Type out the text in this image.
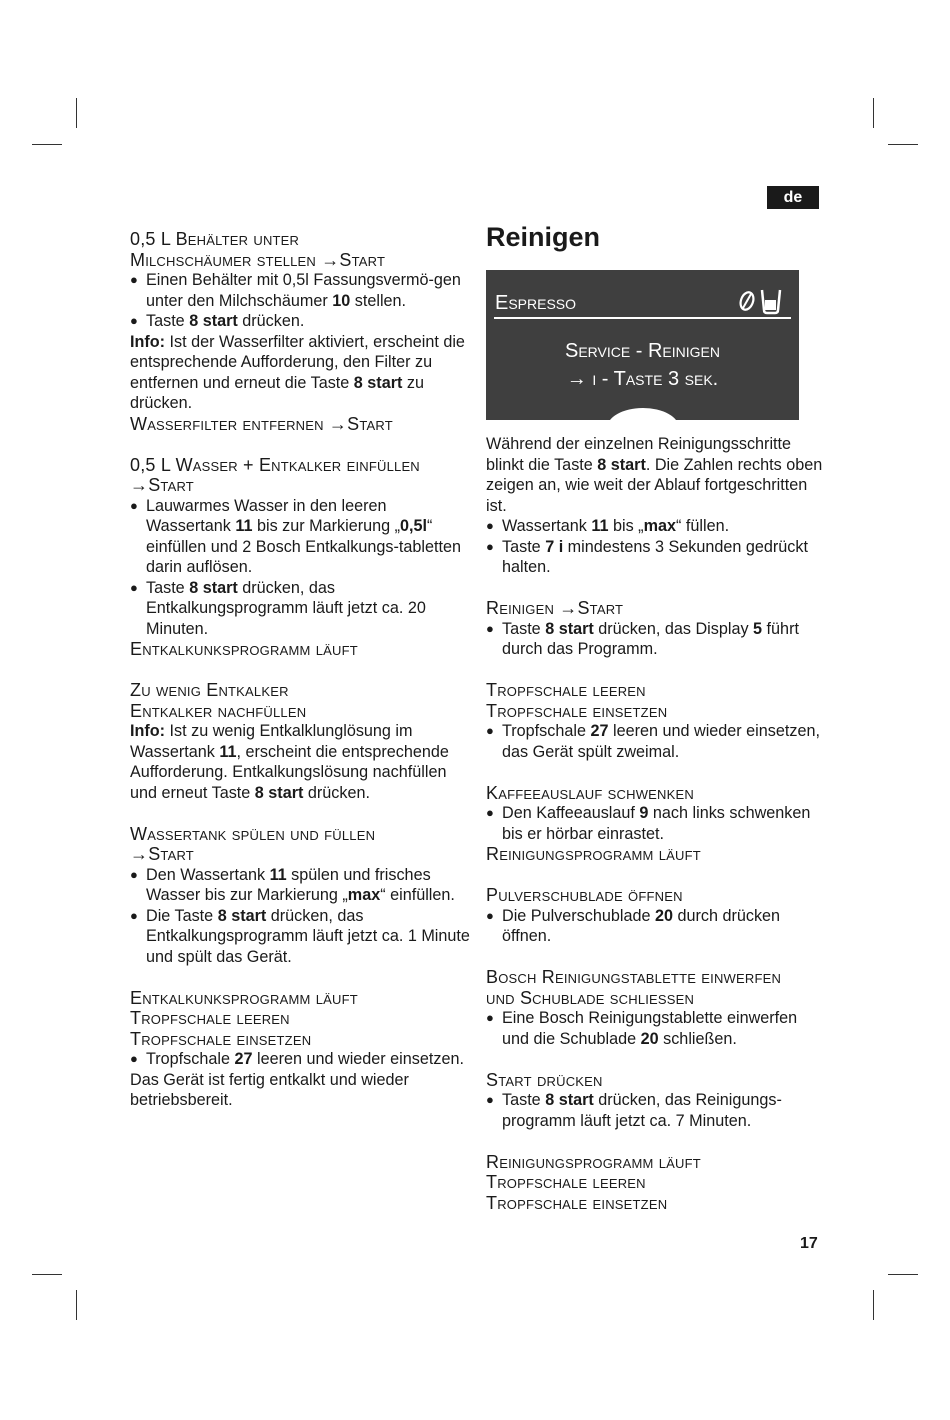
de
0,5 L Behälter unter
Milchschäumer stellen →Start
● Einen Behälter mit 0,5l Fassungsvermö-gen unter den Milchschäumer 10 stellen.
● Taste 8 start drücken.

Info: Ist der Wasserfilter aktiviert, erscheint die entsprechende Aufforderung, den Filter zu entfernen und erneut die Taste 8 start zu drücken.

Wasserfilter entfernen →Start
0,5 L Wasser + Entkalker einfüllen
→Start
● Lauwarmes Wasser in den leeren Wassertank 11 bis zur Markierung „0,5l“ einfüllen und 2 Bosch Entkalkungs-tabletten darin auflösen.
● Taste 8 start drücken, das Entkalkungsprogramm läuft jetzt ca. 20 Minuten.
Entkalkunksprogramm läuft
Zu wenig Entkalker
Entkalker nachfüllen

Info: Ist zu wenig Entkalklunglösung im Wassertank 11, erscheint die entsprechende Aufforderung. Entkalkungslösung nachfüllen und erneut Taste 8 start drücken.

Wassertank spülen und füllen
→Start
● Den Wassertank 11 spülen und frisches Wasser bis zur Markierung „max“ einfüllen.
● Die Taste 8 start drücken, das Entkalkungsprogramm läuft jetzt ca. 1 Minute und spült das Gerät.
Entkalkunksprogramm läuft
Tropfschale leeren
Tropfschale einsetzen
● Tropfschale 27 leeren und wieder einsetzen.

Das Gerät ist fertig entkalkt und wieder betriebsbereit.

Reinigen
Espresso
Service - Reinigen
→ i - Taste 3 sek.

Während der einzelnen Reinigungsschritte blinkt die Taste 8 start. Die Zahlen rechts oben zeigen an, wie weit der Ablauf fortgeschritten ist.

● Wassertank 11 bis „max“ füllen.
● Taste 7 i mindestens 3 Sekunden gedrückt halten.
Reinigen →Start
● Taste 8 start drücken, das Display 5 führt durch das Programm.
Tropfschale leeren
Tropfschale einsetzen
● Tropfschale 27 leeren und wieder einsetzen, das Gerät spült zweimal.
Kaffeeauslauf schwenken
● Den Kaffeeauslauf 9 nach links schwenken bis er hörbar einrastet.
Reinigungsprogramm läuft
Pulverschublade öffnen
● Die Pulverschublade 20 durch drücken öffnen.
Bosch Reinigungstablette einwerfen
und Schublade schliessen
● Eine Bosch Reinigungstablette einwerfen und die Schublade 20 schließen.
Start drücken
● Taste 8 start drücken, das Reinigungs-programm läuft jetzt ca. 7 Minuten.
Reinigungsprogramm läuft
Tropfschale leeren
Tropfschale einsetzen
17
